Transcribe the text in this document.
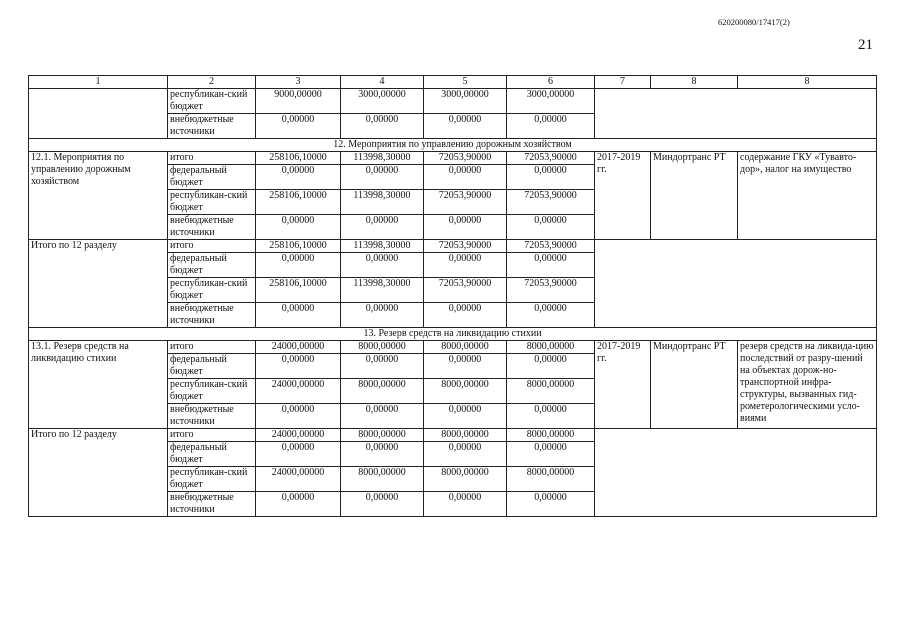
620200080/17417(2)
21
1	2	3	4	5	6	7	8	8
	республикан-ский бюджет	9000,00000	3000,00000	3000,00000	3000,00000			
	внебюджетные источники	0,00000	0,00000	0,00000	0,00000			
12. Мероприятия по управлению дорожным хозяйством								
12.1. Мероприятия по управлению дорожным хозяйством	итого	258106,10000	113998,30000	72053,90000	72053,90000	2017-2019 гг.	Миндортранс РТ	содержание ГКУ «Тувавто-дор», налог на имущество
	федеральный бюджет	0,00000	0,00000	0,00000	0,00000			
	республикан-ский бюджет	258106,10000	113998,30000	72053,90000	72053,90000			
	внебюджетные источники	0,00000	0,00000	0,00000	0,00000			
Итого по 12 разделу	итого	258106,10000	113998,30000	72053,90000	72053,90000			
	федеральный бюджет	0,00000	0,00000	0,00000	0,00000			
	республикан-ский бюджет	258106,10000	113998,30000	72053,90000	72053,90000			
	внебюджетные источники	0,00000	0,00000	0,00000	0,00000			
13. Резерв средств на ликвидацию стихии								
13.1. Резерв средств на ликвидацию стихии	итого	24000,00000	8000,00000	8000,00000	8000,00000	2017-2019 гг.	Миндортранс РТ	резерв средств на ликвида-цию последствий от разру-шений на объектах дорож-но-транспортной инфра-структуры, вызванных гид-рометерологическими усло-виями
	федеральный бюджет	0,00000	0,00000	0,00000	0,00000			
	республикан-ский бюджет	24000,00000	8000,00000	8000,00000	8000,00000			
	внебюджетные источники	0,00000	0,00000	0,00000	0,00000			
Итого по 12 разделу	итого	24000,00000	8000,00000	8000,00000	8000,00000			
	федеральный бюджет	0,00000	0,00000	0,00000	0,00000			
	республикан-ский бюджет	24000,00000	8000,00000	8000,00000	8000,00000			
	внебюджетные источники	0,00000	0,00000	0,00000	0,00000			
